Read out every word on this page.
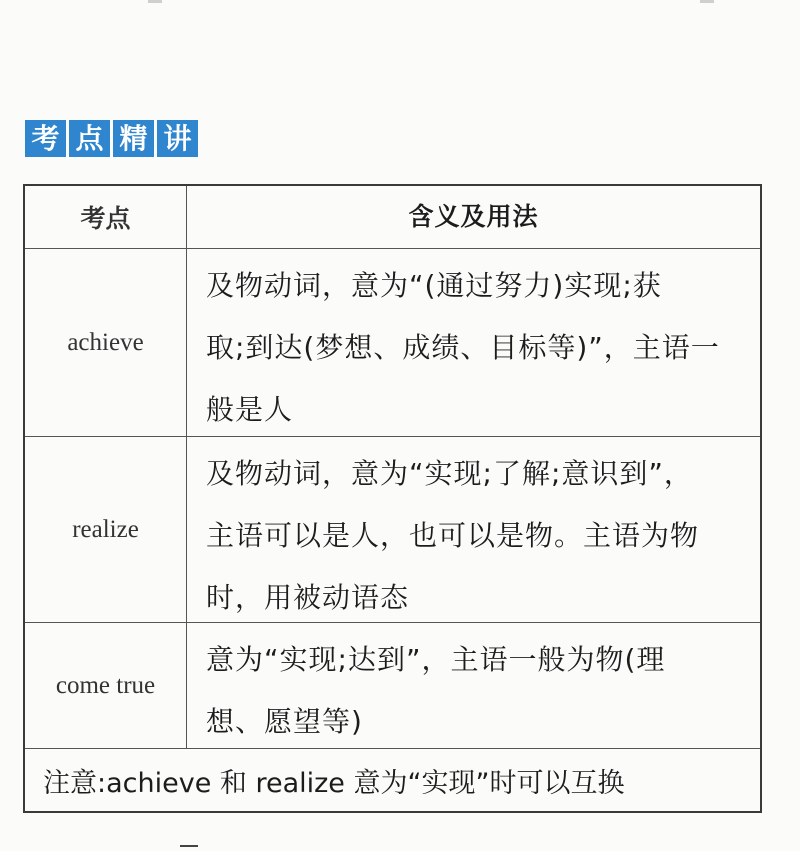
考 点 精 讲
考点	含义及用法
achieve
及物动词，意为“(通过努力)实现;获
取;到达(梦想、成绩、目标等)”，主语一
般是人
realize
及物动词，意为“实现;了解;意识到”，
主语可以是人，也可以是物。主语为物
时，用被动语态
come true
意为“实现;达到”，主语一般为物(理
想、愿望等)
注意:achieve 和 realize 意为“实现”时可以互换
